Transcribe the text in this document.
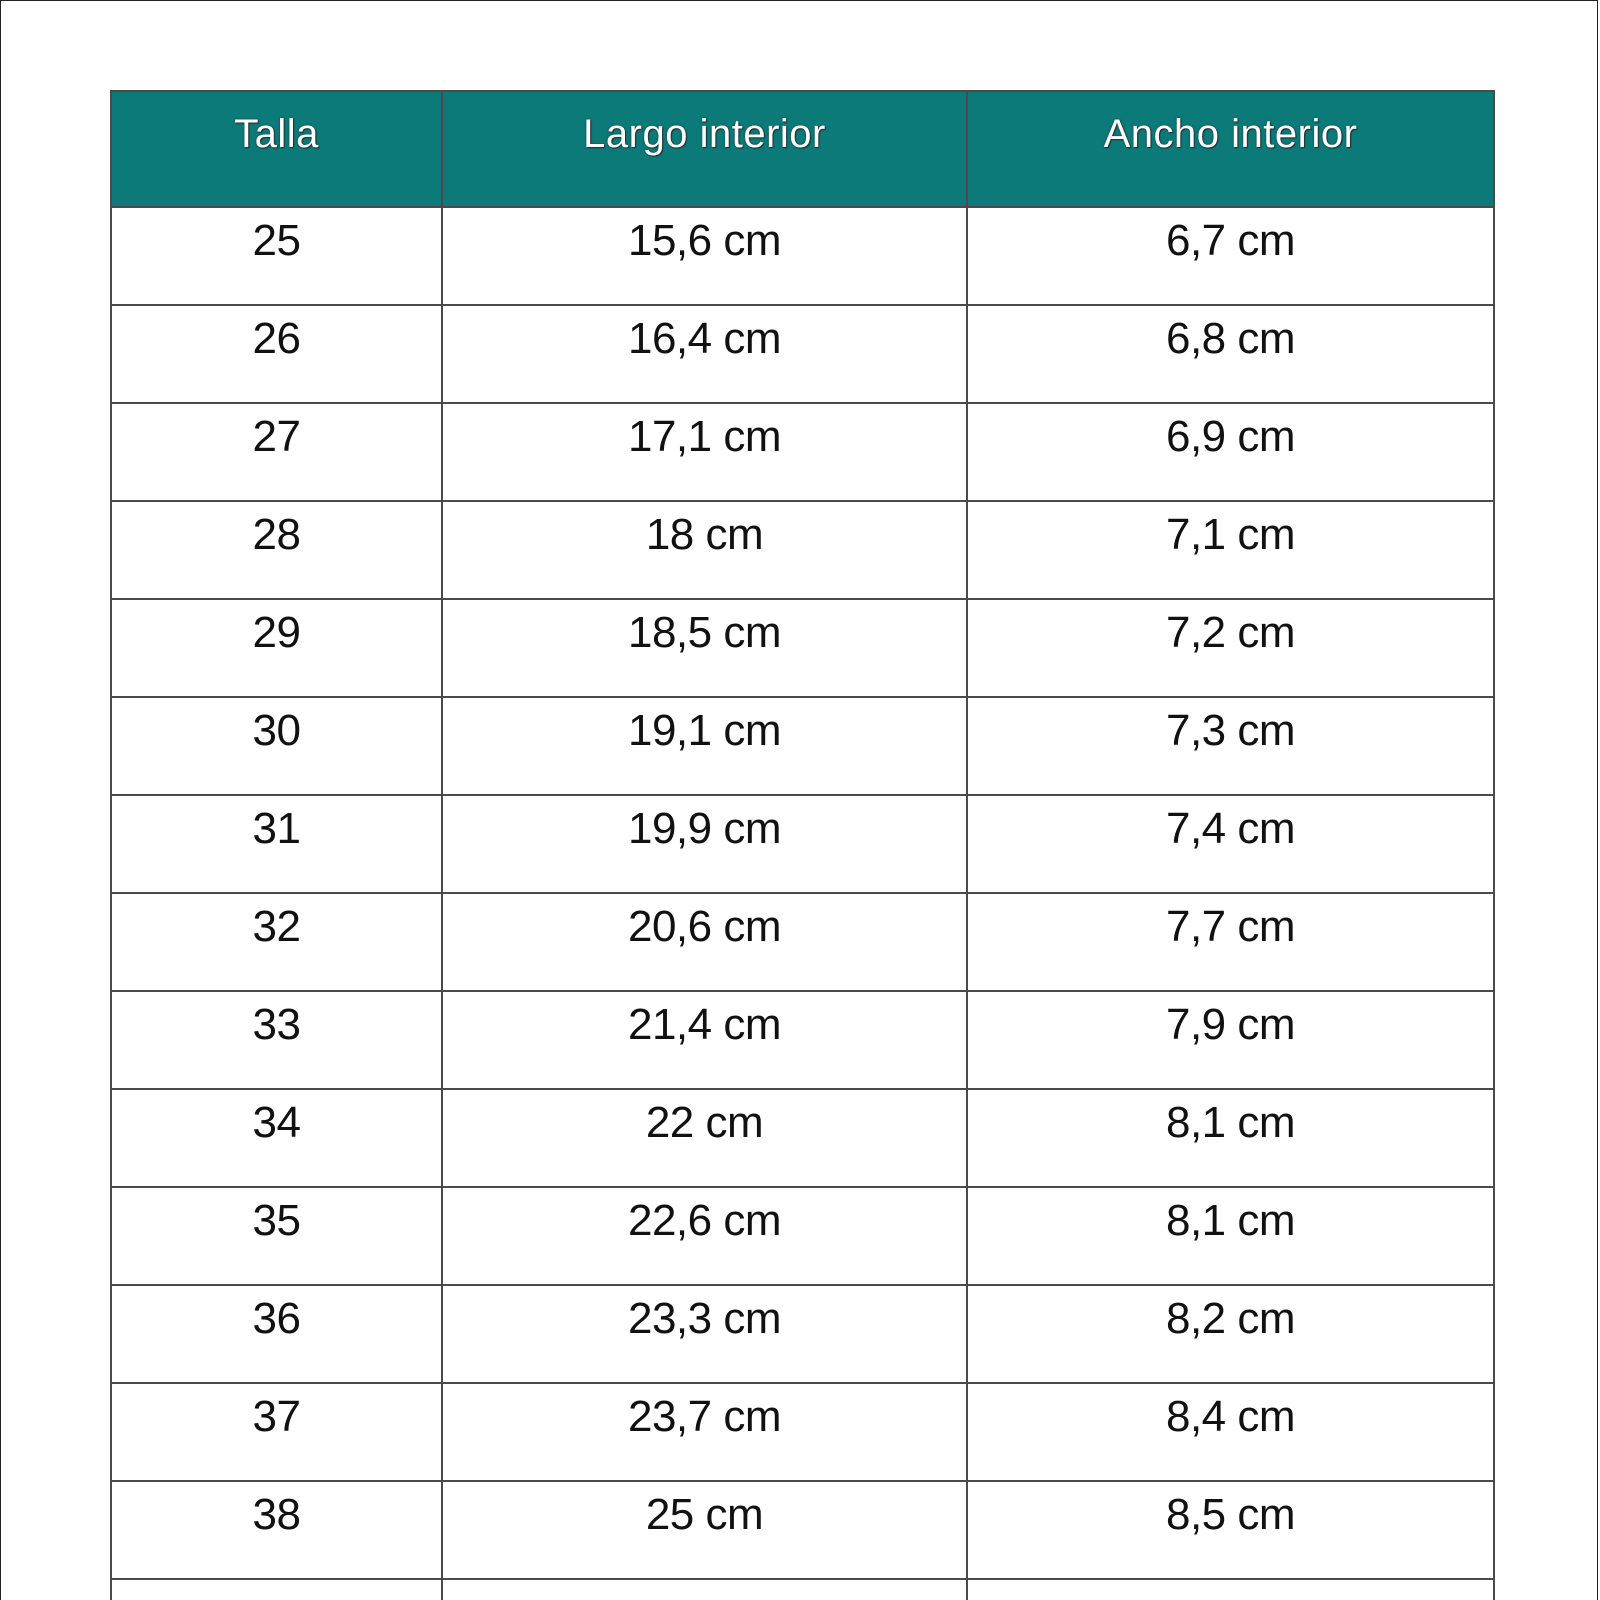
Talla	Largo interior	Ancho interior
25	15,6 cm	6,7 cm
26	16,4 cm	6,8 cm
27	17,1 cm	6,9 cm
28	18 cm	7,1 cm
29	18,5 cm	7,2 cm
30	19,1 cm	7,3 cm
31	19,9 cm	7,4 cm
32	20,6 cm	7,7 cm
33	21,4 cm	7,9 cm
34	22 cm	8,1 cm
35	22,6 cm	8,1 cm
36	23,3 cm	8,2 cm
37	23,7 cm	8,4 cm
38	25 cm	8,5 cm
